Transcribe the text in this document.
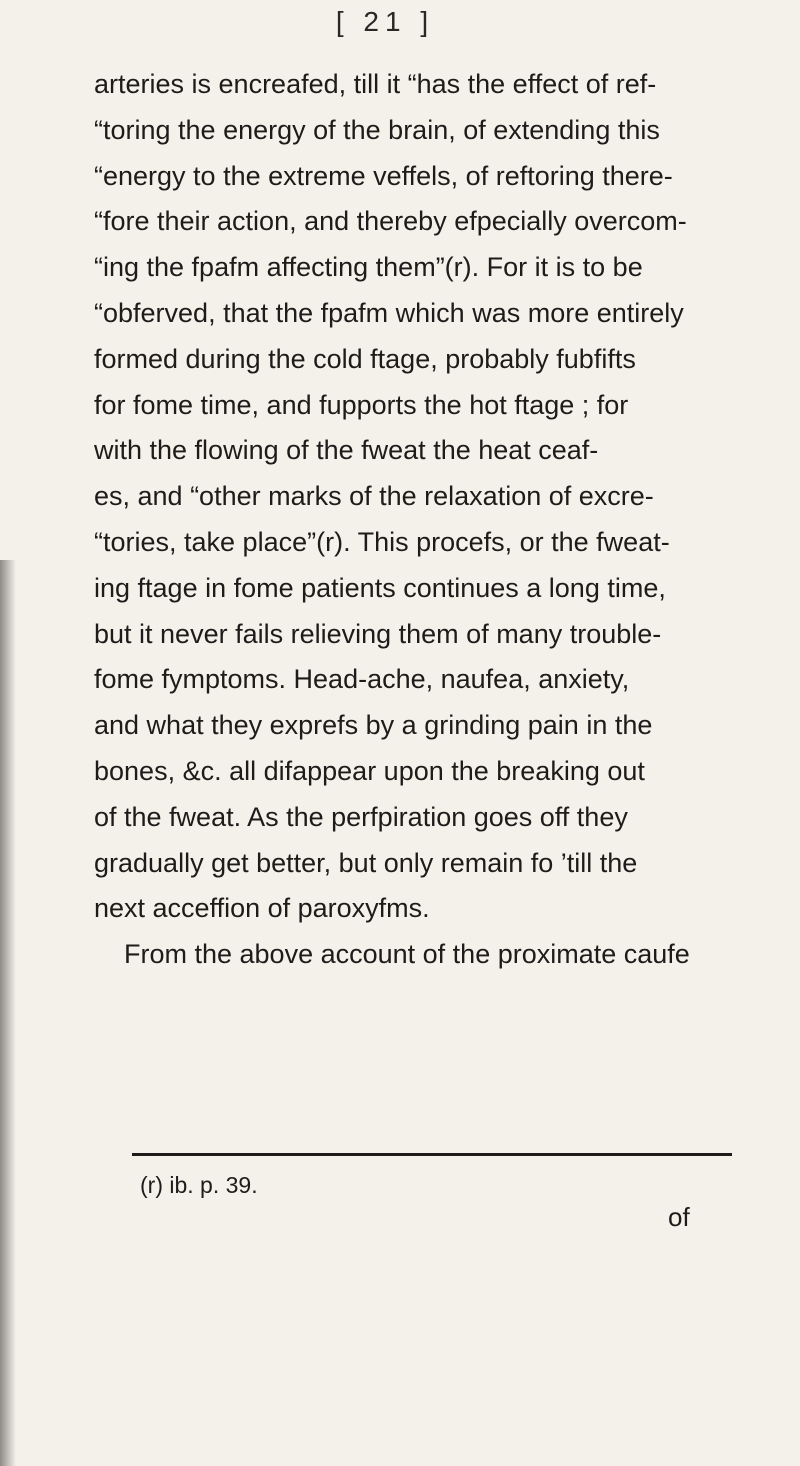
[ 21 ]
arteries is encreafed, till it “has the effect of ref-
“toring the energy of the brain, of extending this
“energy to the extreme veffels, of reftoring there-
“fore their action, and thereby efpecially overcom-
“ing the fpafm affecting them”(r). For it is to be
“obferved, that the fpafm which was more entirely
formed during the cold ftage, probably fubfifts
for fome time, and fupports the hot ftage ; for
with the flowing of the fweat the heat ceaf-
es, and “other marks of the relaxation of excre-
“tories, take place”(r). This procefs, or the fweat-
ing ftage in fome patients continues a long time,
but it never fails relieving them of many trouble-
fome fymptoms. Head-ache, naufea, anxiety,
and what they exprefs by a grinding pain in the
bones, &c. all difappear upon the breaking out
of the fweat. As the perfpiration goes off they
gradually get better, but only remain fo ’till the
next acceffion of paroxyfms.
From the above account of the proximate caufe
(r) ib. p. 39.
of
